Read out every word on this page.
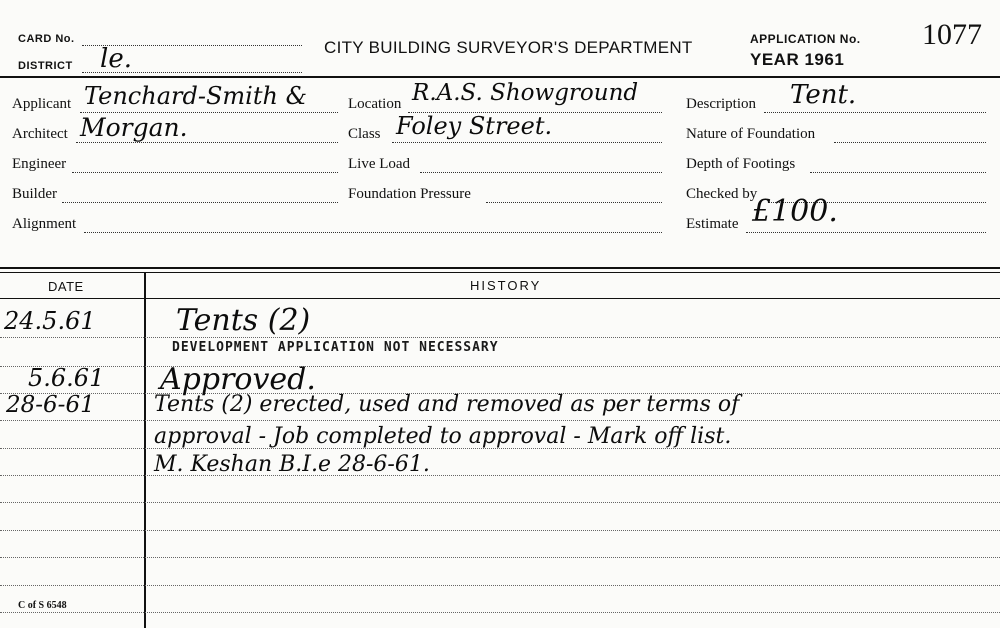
CARD No.
DISTRICT le.	CITY BUILDING SURVEYOR'S DEPARTMENT	APPLICATION No. 1077
YEAR 1961
Applicant Tenchard-Smith &
Architect Morgan.
Engineer
Builder
Alignment
Location R.A.S. Showground
Class Foley Street.
Live Load
Foundation Pressure
Description Tent.
Nature of Foundation
Depth of Footings
Checked by
Estimate £100.
DATE	HISTORY
24.5.61	Tents (2)
DEVELOPMENT APPLICATION NOT NECESSARY
5.6.61 Approved.
28-6-61	Tents (2) erected, used and removed as per terms of
approval - Job completed to approval - Mark off list.
M. Keshan B.I.e 28-6-61.
C of S 6548
